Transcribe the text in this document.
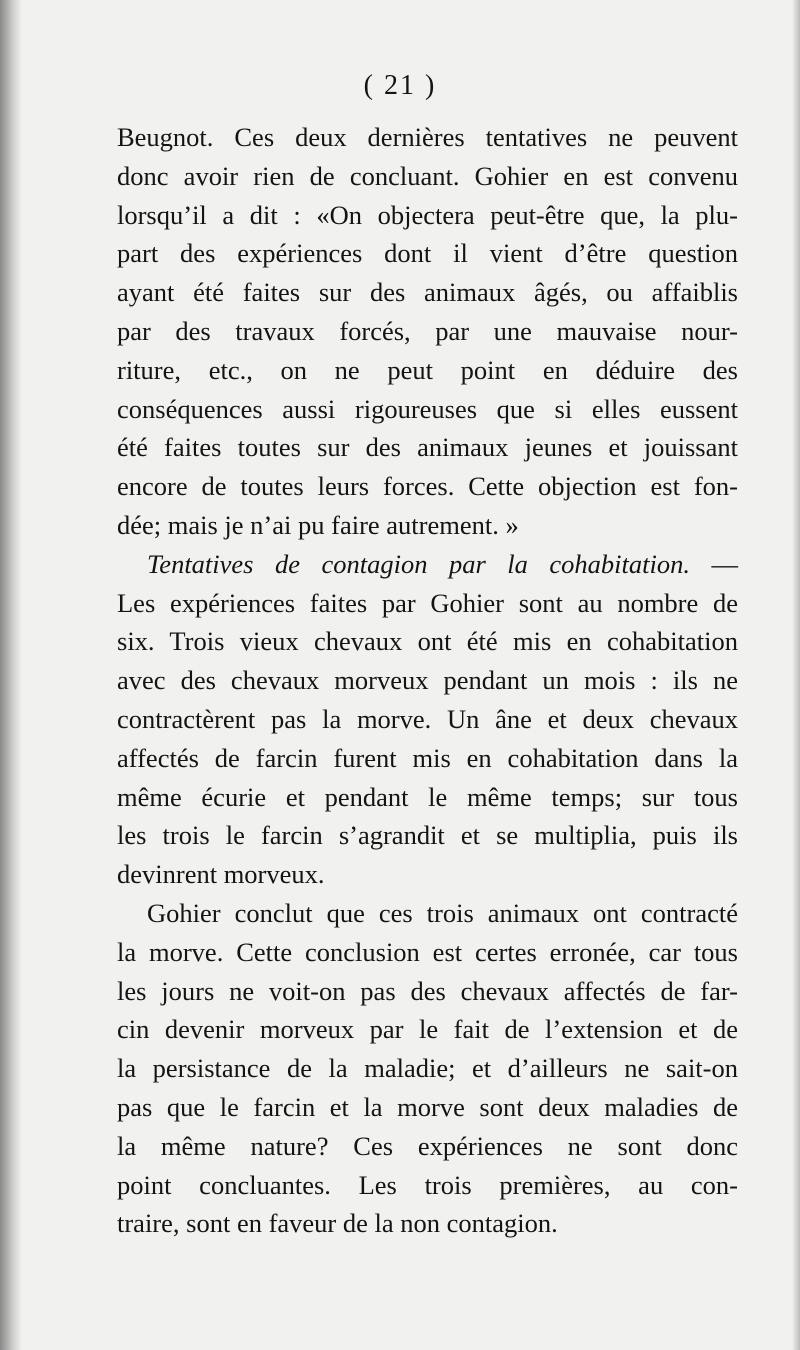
( 21 )
Beugnot. Ces deux dernières tentatives ne peuvent
donc avoir rien de concluant. Gohier en est convenu
lorsqu’il a dit : «On objectera peut-être que, la plu-
part des expériences dont il vient d’être question
ayant été faites sur des animaux âgés, ou affaiblis
par des travaux forcés, par une mauvaise nour-
riture, etc., on ne peut point en déduire des
conséquences aussi rigoureuses que si elles eussent
été faites toutes sur des animaux jeunes et jouissant
encore de toutes leurs forces. Cette objection est fon-
dée; mais je n’ai pu faire autrement. »
Tentatives de contagion par la cohabitation. —
Les expériences faites par Gohier sont au nombre de
six. Trois vieux chevaux ont été mis en cohabitation
avec des chevaux morveux pendant un mois : ils ne
contractèrent pas la morve. Un âne et deux chevaux
affectés de farcin furent mis en cohabitation dans la
même écurie et pendant le même temps; sur tous
les trois le farcin s’agrandit et se multiplia, puis ils
devinrent morveux.
Gohier conclut que ces trois animaux ont contracté
la morve. Cette conclusion est certes erronée, car tous
les jours ne voit-on pas des chevaux affectés de far-
cin devenir morveux par le fait de l’extension et de
la persistance de la maladie; et d’ailleurs ne sait-on
pas que le farcin et la morve sont deux maladies de
la même nature? Ces expériences ne sont donc
point concluantes. Les trois premières, au con-
traire, sont en faveur de la non contagion.
